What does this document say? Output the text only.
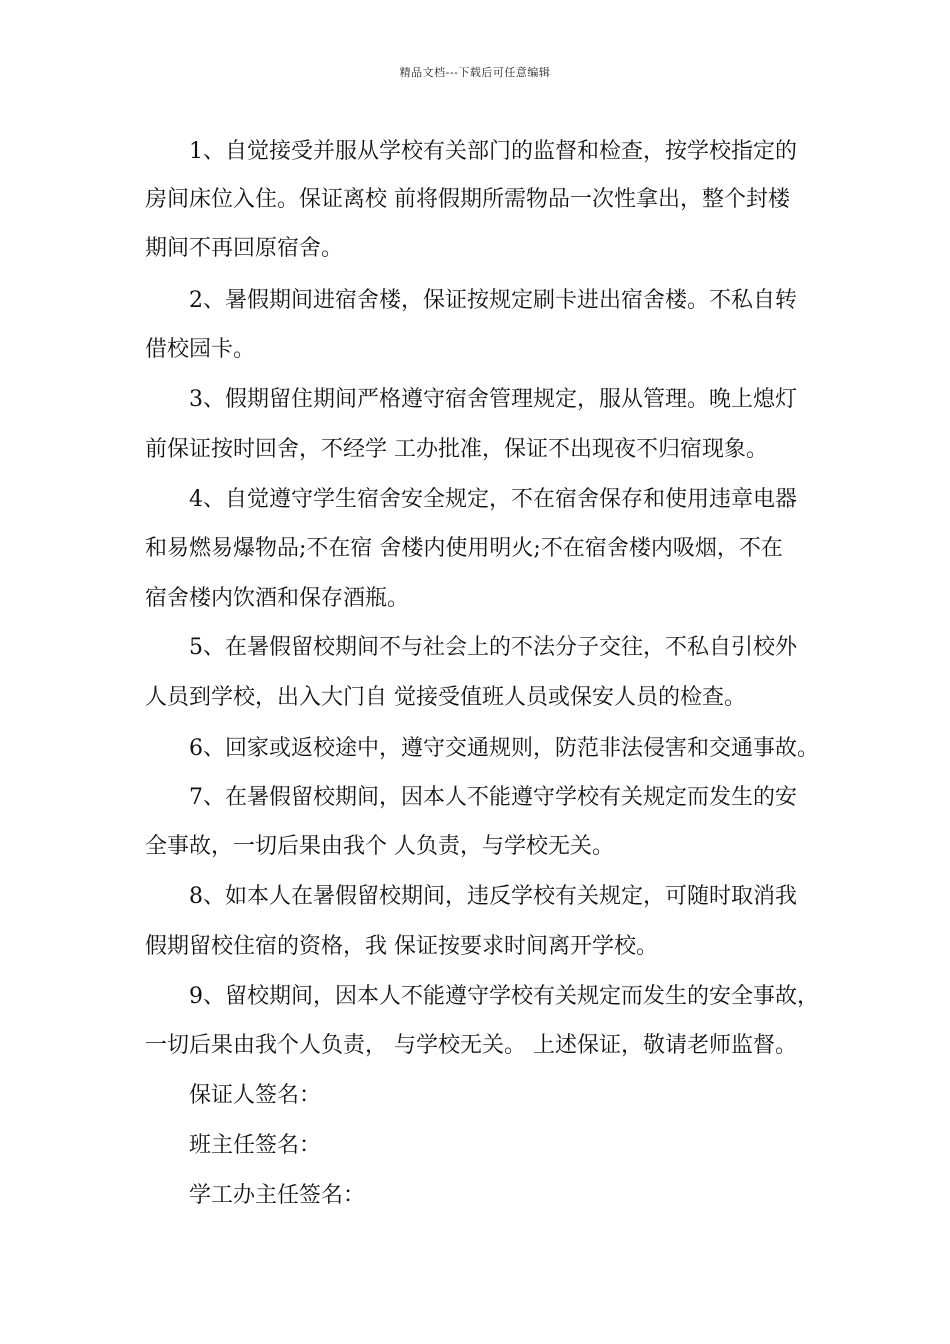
精品文档---下载后可任意编辑
1、自觉接受并服从学校有关部门的监督和检查，按学校指定的
房间床位入住。保证离校 前将假期所需物品一次性拿出，整个封楼
期间不再回原宿舍。
2、暑假期间进宿舍楼，保证按规定刷卡进出宿舍楼。不私自转
借校园卡。
3、假期留住期间严格遵守宿舍管理规定，服从管理。晚上熄灯
前保证按时回舍，不经学 工办批准，保证不出现夜不归宿现象。
4、自觉遵守学生宿舍安全规定，不在宿舍保存和使用违章电器
和易燃易爆物品;不在宿 舍楼内使用明火;不在宿舍楼内吸烟，不在
宿舍楼内饮酒和保存酒瓶。
5、在暑假留校期间不与社会上的不法分子交往，不私自引校外
人员到学校，出入大门自 觉接受值班人员或保安人员的检查。
6、回家或返校途中，遵守交通规则，防范非法侵害和交通事故。
7、在暑假留校期间，因本人不能遵守学校有关规定而发生的安
全事故，一切后果由我个 人负责，与学校无关。
8、如本人在暑假留校期间，违反学校有关规定，可随时取消我
假期留校住宿的资格，我 保证按要求时间离开学校。
9、留校期间，因本人不能遵守学校有关规定而发生的安全事故，
一切后果由我个人负责， 与学校无关。 上述保证，敬请老师监督。
保证人签名：
班主任签名：
学工办主任签名：
